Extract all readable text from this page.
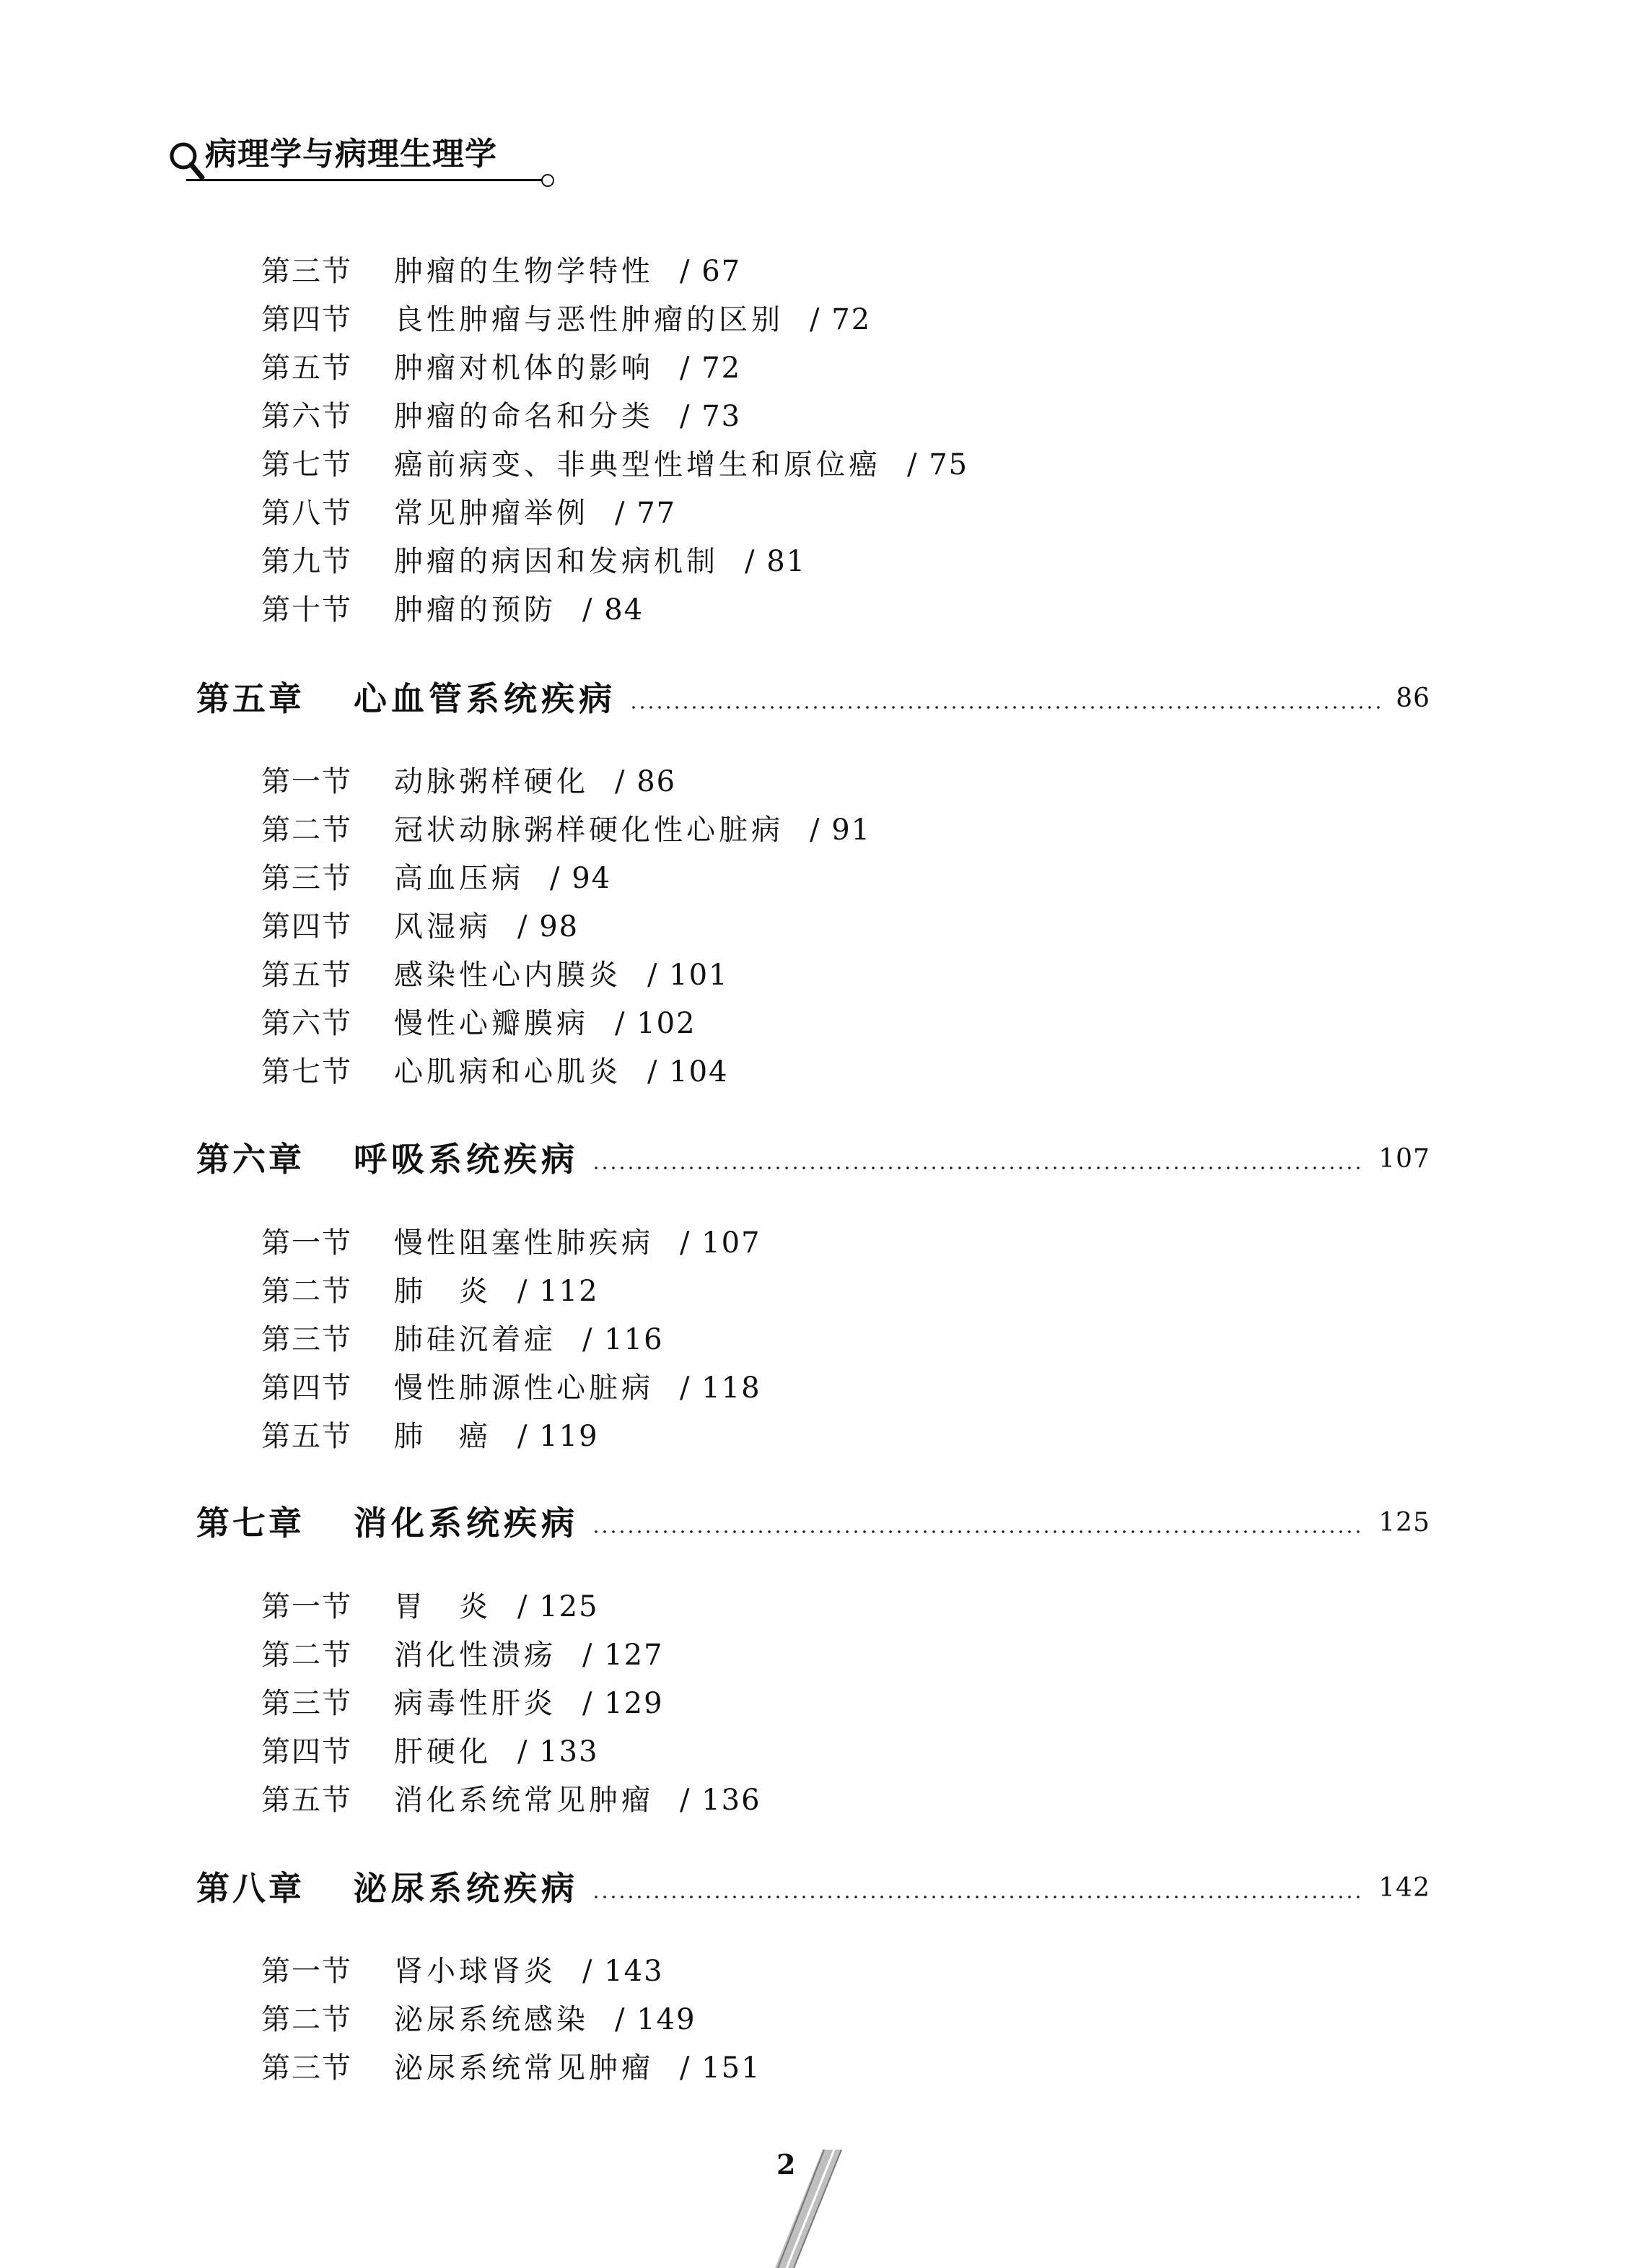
病理学与病理生理学
第三节 肿瘤的生物学特性 / 67
第四节 良性肿瘤与恶性肿瘤的区别 / 72
第五节 肿瘤对机体的影响 / 72
第六节 肿瘤的命名和分类 / 73
第七节 癌前病变、非典型性增生和原位癌 / 75
第八节 常见肿瘤举例 / 77
第九节 肿瘤的病因和发病机制 / 81
第十节 肿瘤的预防 / 84
第五章	心血管系统疾病	86
第一节 动脉粥样硬化 / 86
第二节 冠状动脉粥样硬化性心脏病 / 91
第三节 高血压病 / 94
第四节 风湿病 / 98
第五节 感染性心内膜炎 / 101
第六节 慢性心瓣膜病 / 102
第七节 心肌病和心肌炎 / 104
第六章	呼吸系统疾病	107
第一节 慢性阻塞性肺疾病 / 107
第二节 肺　炎 / 112
第三节 肺硅沉着症 / 116
第四节 慢性肺源性心脏病 / 118
第五节 肺　癌 / 119
第七章	消化系统疾病	125
第一节 胃　炎 / 125
第二节 消化性溃疡 / 127
第三节 病毒性肝炎 / 129
第四节 肝硬化 / 133
第五节 消化系统常见肿瘤 / 136
第八章	泌尿系统疾病	142
第一节 肾小球肾炎 / 143
第二节 泌尿系统感染 / 149
第三节 泌尿系统常见肿瘤 / 151
2
